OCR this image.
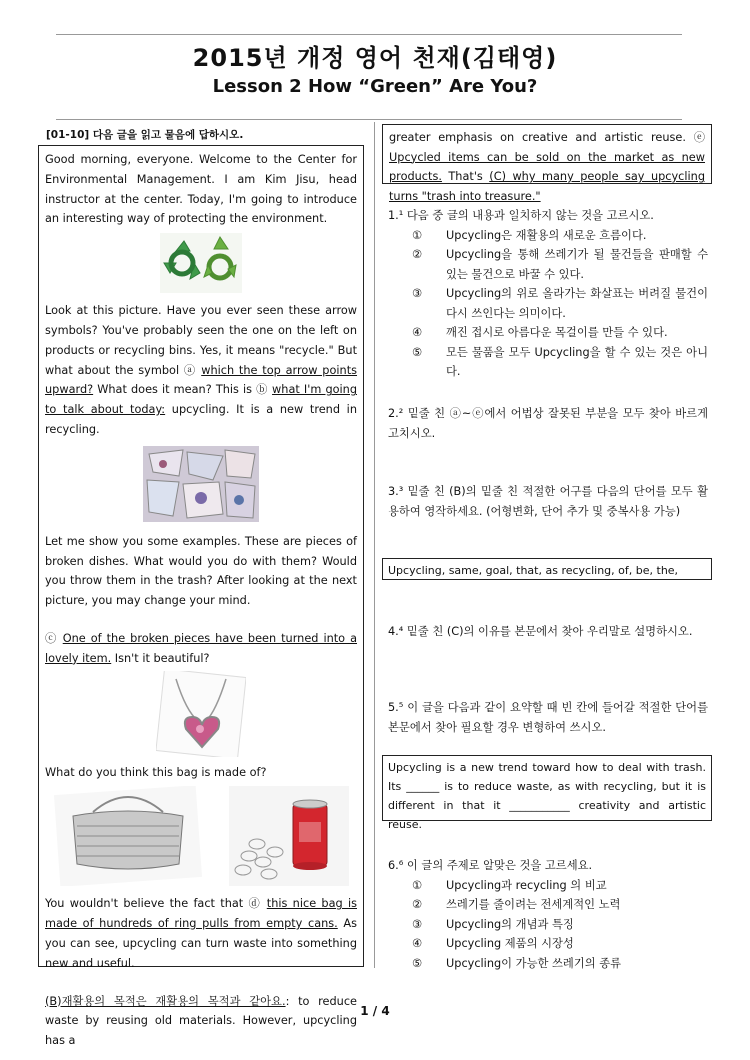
2015년 개정 영어 천재(김태영)
Lesson 2 How “Green” Are You?
[01-10] 다음 글을 읽고 물음에 답하시오.

Good morning, everyone. Welcome to the Center for Environmental Management. I am Kim Jisu, head instructor at the center. Today, I'm going to introduce an interesting way of protecting the environment.

Look at this picture. Have you ever seen these arrow symbols? You've probably seen the one on the left on products or recycling bins. Yes, it means "recycle." But what about the symbol ⓐ which the top arrow points upward? What does it mean? This is ⓑ what I'm going to talk about today: upcycling. It is a new trend in recycling.

Let me show you some examples. These are pieces of broken dishes. What would you do with them? Would you throw them in the trash? After looking at the next picture, you may change your mind.

ⓒ One of the broken pieces have been turned into a lovely item. Isn't it beautiful?

What do you think this bag is made of?

You wouldn't believe the fact that ⓓ this nice bag is made of hundreds of ring pulls from empty cans. As you can see, upcycling can turn waste into something new and useful.

(B)재활용의 목적은 재활용의 목적과 같아요.: to reduce waste by reusing old materials. However, upcycling has a

greater emphasis on creative and artistic reuse. ⓔ Upcycled items can be sold on the market as new products. That's (C) why many people say upcycling turns "trash into treasure."
1.¹ 다음 중 글의 내용과 일치하지 않는 것을 고르시오.
①	Upcycling은 재활용의 새로운 흐름이다.
②	Upcycling을 통해 쓰레기가 될 물건들을 판매할 수 있는 물건으로 바꿀 수 있다.
③	Upcycling의 위로 올라가는 화살표는 버려질 물건이 다시 쓰인다는 의미이다.
④	깨진 접시로 아름다운 목걸이를 만들 수 있다.
⑤	모든 물품을 모두 Upcycling을 할 수 있는 것은 아니다.
2.² 밑줄 친 ⓐ~ⓔ에서 어법상 잘못된 부분을 모두 찾아 바르게 고치시오.
3.³ 밑줄 친 (B)의 밑줄 친 적절한 어구를 다음의 단어를 모두 활용하여 영작하세요. (어형변화, 단어 추가 및 중복사용 가능)
Upcycling, same, goal, that, as recycling, of, be, the,
4.⁴ 밑줄 친 (C)의 이유를 본문에서 찾아 우리말로 설명하시오.
5.⁵ 이 글을 다음과 같이 요약할 때 빈 칸에 들어갈 적절한 단어를 본문에서 찾아 필요할 경우 변형하여 쓰시오.
Upcycling is a new trend toward how to deal with trash. Its ______ is to reduce waste, as with recycling, but it is different in that it ___________ creativity and artistic reuse.
6.⁶ 이 글의 주제로 알맞은 것을 고르세요.
①	Upcycling과 recycling 의 비교
②	쓰레기를 줄이려는 전세계적인 노력
③	Upcycling의 개념과 특징
④	Upcycling 제품의 시장성
⑤	Upcycling이 가능한 쓰레기의 종류
1 / 4
